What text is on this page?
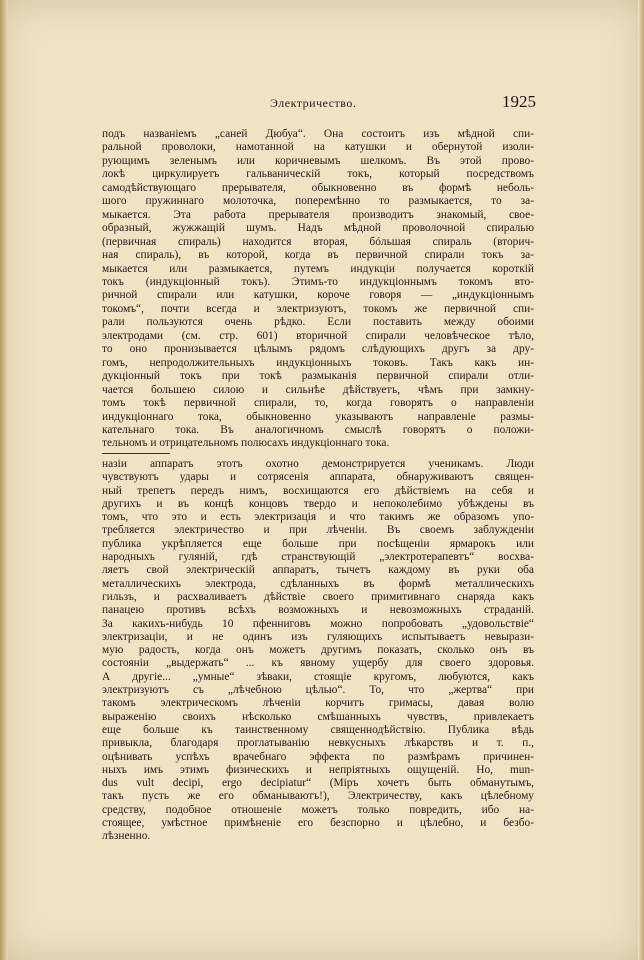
Электричество.	1925
подъ названіемъ „саней Дюбуа“. Она состоитъ изъ мѣдной спи-
ральной проволоки, намотанной на катушки и обернутой изоли-
рующимъ зеленымъ или коричневымъ шелкомъ. Въ этой прово-
локѣ циркулируетъ гальваническій токъ, который посредствомъ
самодѣйствующаго прерывателя, обыкновенно въ формѣ неболь-
шого пружиннаго молоточка, поперемѣнно то размыкается, то за-
мыкается. Эта работа прерывателя производитъ знакомый, свое-
образный, жужжащій шумъ. Надъ мѣдной проволочной спиралью
(первичная спираль) находится вторая, бóльшая спираль (вторич-
ная спираль), въ которой, когда въ первичной спирали токъ за-
мыкается или размыкается, путемъ индукціи получается короткій
токъ (индукціонный токъ). Этимъ-то индукціоннымъ токомъ вто-
ричной спирали или катушки, короче говоря — „индукціоннымъ
токомъ“, почти всегда и электризуютъ, токомъ же первичной спи-
рали пользуются очень рѣдко. Если поставить между обоими
электродами (см. стр. 601) вторичной спирали человѣческое тѣло,
то оно пронизывается цѣлымъ рядомъ слѣдующихъ другъ за дру-
гомъ, непродолжительныхъ индукціонныхъ токовъ. Такъ какъ ин-
дукціонный токъ при токѣ размыканія первичной спирали отли-
чается большею силою и сильнѣе дѣйствуетъ, чѣмъ при замкну-
томъ токѣ первичной спирали, то, когда говорятъ о направленіи
индукціоннаго тока, обыкновенно указываютъ направленіе размы-
кательнаго тока. Въ аналогичномъ смыслѣ говорятъ о положи-
тельномъ и отрицательномъ полюсахъ индукціоннаго тока.
назіи аппаратъ этотъ охотно демонстрируется ученикамъ. Люди
чувствуютъ удары и сотрясенія аппарата, обнаруживаютъ священ-
ный трепетъ передъ нимъ, восхищаются его дѣйствіемъ на себя и
другихъ и въ концѣ концовъ твердо и непоколебимо убѣждены въ
томъ, что это и есть электризація и что такимъ же образомъ упо-
требляется электричество и при лѣченіи. Въ своемъ заблужденіи
публика укрѣпляется еще больше при посѣщеніи ярмарокъ или
народныхъ гуляній, гдѣ странствующій „электротерапевтъ“ восхва-
ляетъ свой электрическій аппаратъ, тычетъ каждому въ руки оба
металлическихъ электрода, сдѣланныхъ въ формѣ металлическихъ
гильзъ, и расхваливаетъ дѣйствіе своего примитивнаго снаряда какъ
панацею противъ всѣхъ возможныхъ и невозможныхъ страданій.
За какихъ-нибудь 10 пфенниговъ можно попробовать „удовольствіе“
электризаціи, и не одинъ изъ гуляющихъ испытываетъ невырази-
мую радость, когда онъ можетъ другимъ показать, сколько онъ въ
состояніи „выдержать“ ... къ явному ущербу для своего здоровья.
А другіе... „умные“ зѣваки, стоящіе кругомъ, любуются, какъ
электризуютъ съ „лѣчебною цѣлью“. То, что „жертва“ при
такомъ электрическомъ лѣченіи корчитъ гримасы, давая волю
выраженію своихъ нѣсколько смѣшанныхъ чувствъ, привлекаетъ
еще больше къ таинственному священнодѣйствію. Публика вѣдь
привыкла, благодаря проглатыванію невкусныхъ лѣкарствъ и т. п.,
оцѣнивать успѣхъ врачебнаго эффекта по размѣрамъ причинен-
ныхъ имъ этимъ физическихъ и непріятныхъ ощущеній. Но, mun-
dus vult decipi, ergo decipiatur“ (Міръ хочетъ быть обманутымъ,
такъ пусть же его обманываютъ!), Электричеству, какъ цѣлебному
средству, подобное отношеніе можетъ только повредить, ибо на-
стоящее, умѣстное примѣненіе его безспорно и цѣлебно, и безбо-
лѣзненно.
